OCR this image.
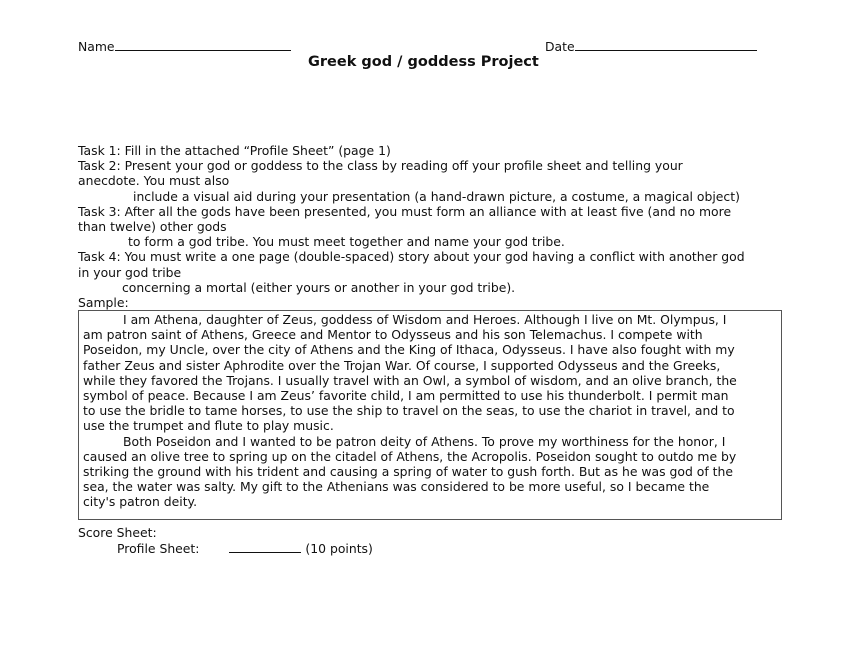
Name	Date
Greek god / goddess Project
Task 1: Fill in the attached “Profile Sheet” (page 1)
Task 2: Present your god or goddess to the class by reading off your profile sheet and telling your
anecdote. You must also
include a visual aid during your presentation (a hand-drawn picture, a costume, a magical object)
Task 3: After all the gods have been presented, you must form an alliance with at least five (and no more
than twelve) other gods
to form a god tribe. You must meet together and name your god tribe.
Task 4: You must write a one page (double-spaced) story about your god having a conflict with another god
in your god tribe
concerning a mortal (either yours or another in your god tribe).
Sample:
I am Athena, daughter of Zeus, goddess of Wisdom and Heroes. Although I live on Mt. Olympus, I
am patron saint of Athens, Greece and Mentor to Odysseus and his son Telemachus. I compete with
Poseidon, my Uncle, over the city of Athens and the King of Ithaca, Odysseus. I have also fought with my
father Zeus and sister Aphrodite over the Trojan War. Of course, I supported Odysseus and the Greeks,
while they favored the Trojans. I usually travel with an Owl, a symbol of wisdom, and an olive branch, the
symbol of peace. Because I am Zeus’ favorite child, I am permitted to use his thunderbolt. I permit man
to use the bridle to tame horses, to use the ship to travel on the seas, to use the chariot in travel, and to
use the trumpet and flute to play music.
Both Poseidon and I wanted to be patron deity of Athens. To prove my worthiness for the honor, I
caused an olive tree to spring up on the citadel of Athens, the Acropolis. Poseidon sought to outdo me by
striking the ground with his trident and causing a spring of water to gush forth. But as he was god of the
sea, the water was salty. My gift to the Athenians was considered to be more useful, so I became the
city's patron deity.
Score Sheet:
Profile Sheet:	(10 points)
